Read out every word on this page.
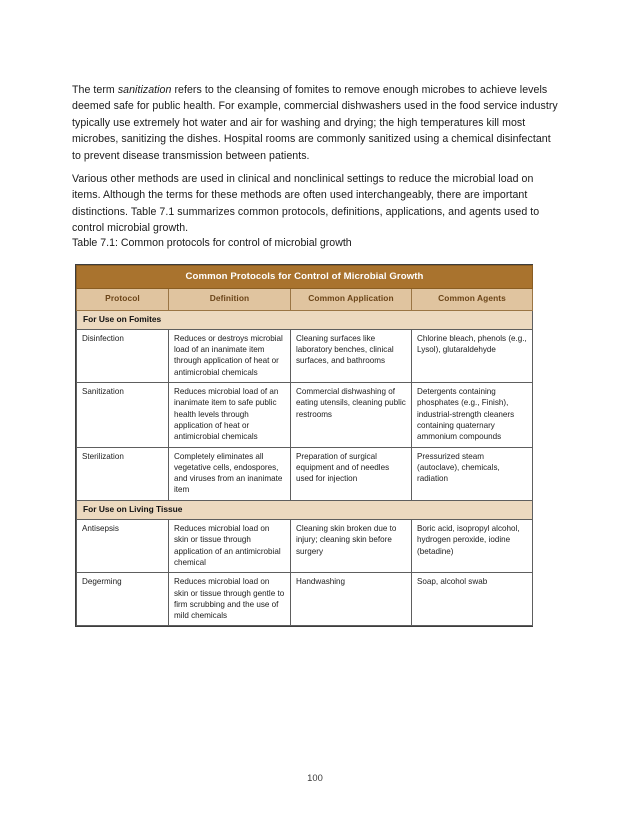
The term sanitization refers to the cleansing of fomites to remove enough microbes to achieve levels deemed safe for public health. For example, commercial dishwashers used in the food service industry typically use extremely hot water and air for washing and drying; the high temperatures kill most microbes, sanitizing the dishes. Hospital rooms are commonly sanitized using a chemical disinfectant to prevent disease transmission between patients.

Various other methods are used in clinical and nonclinical settings to reduce the microbial load on items. Although the terms for these methods are often used interchangeably, there are important distinctions. Table 7.1 summarizes common protocols, definitions, applications, and agents used to control microbial growth.

Table 7.1: Common protocols for control of microbial growth
Common Protocols for Control of Microbial Growth			
Protocol	Definition	Common Application	Common Agents
For Use on Fomites			
Disinfection	Reduces or destroys microbial load of an inanimate item through application of heat or antimicrobial chemicals	Cleaning surfaces like laboratory benches, clinical surfaces, and bathrooms	Chlorine bleach, phenols (e.g., Lysol), glutaraldehyde
Sanitization	Reduces microbial load of an inanimate item to safe public health levels through application of heat or antimicrobial chemicals	Commercial dishwashing of eating utensils, cleaning public restrooms	Detergents containing phosphates (e.g., Finish), industrial-strength cleaners containing quaternary ammonium compounds
Sterilization	Completely eliminates all vegetative cells, endospores, and viruses from an inanimate item	Preparation of surgical equipment and of needles used for injection	Pressurized steam (autoclave), chemicals, radiation
For Use on Living Tissue			
Antisepsis	Reduces microbial load on skin or tissue through application of an antimicrobial chemical	Cleaning skin broken due to injury; cleaning skin before surgery	Boric acid, isopropyl alcohol, hydrogen peroxide, iodine (betadine)
Degerming	Reduces microbial load on skin or tissue through gentle to firm scrubbing and the use of mild chemicals	Handwashing	Soap, alcohol swab
100
